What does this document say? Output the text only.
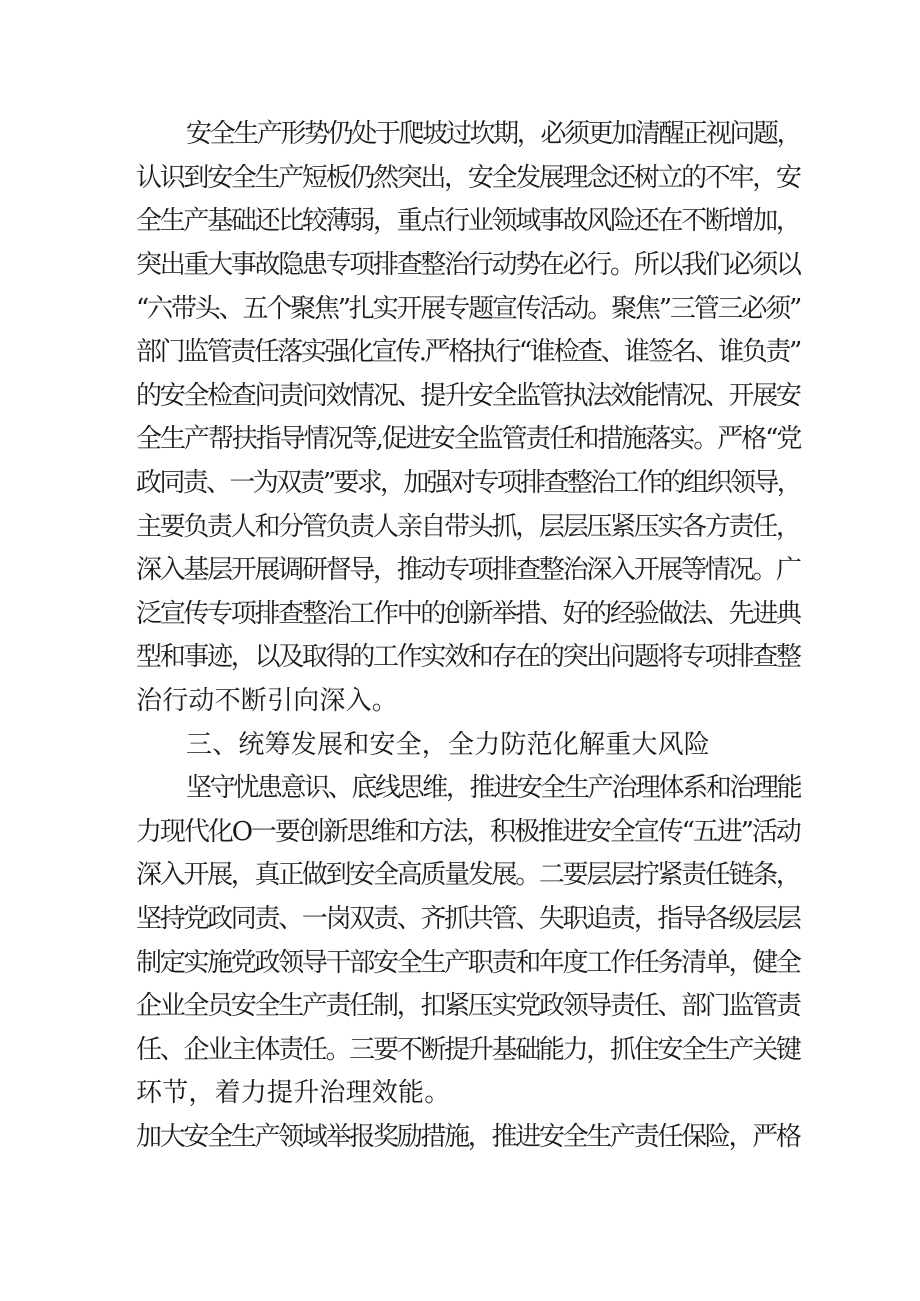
安全生产形势仍处于爬坡过坎期，必须更加清醒正视问题，
认识到安全生产短板仍然突出，安全发展理念还树立的不牢，安
全生产基础还比较薄弱，重点行业领域事故风险还在不断增加，
突出重大事故隐患专项排查整治行动势在必行。所以我们必须以
“六带头、五个聚焦”扎实开展专题宣传活动。聚焦”三管三必须”
部门监管责任落实强化宣传.严格执行“谁检查、谁签名、谁负责”
的安全检查问责问效情况、提升安全监管执法效能情况、开展安
全生产帮扶指导情况等,促进安全监管责任和措施落实。严格“党
政同责、一为双责”要求，加强对专项排查整治工作的组织领导，
主要负责人和分管负责人亲自带头抓，层层压紧压实各方责任，
深入基层开展调研督导，推动专项排查整治深入开展等情况。广
泛宣传专项排查整治工作中的创新举措、好的经验做法、先进典
型和事迹，以及取得的工作实效和存在的突出问题将专项排查整
治行动不断引向深入。
三、统筹发展和安全，全力防范化解重大风险
坚守忧患意识、底线思维，推进安全生产治理体系和治理能
力现代化O一要创新思维和方法，积极推进安全宣传“五进”活动
深入开展，真正做到安全高质量发展。二要层层拧紧责任链条，
坚持党政同责、一岗双责、齐抓共管、失职追责，指导各级层层
制定实施党政领导干部安全生产职责和年度工作任务清单，健全
企业全员安全生产责任制，扣紧压实党政领导责任、部门监管责
任、企业主体责任。三要不断提升基础能力，抓住安全生产关键
环节，着力提升治理效能。
加大安全生产领域举报奖励措施，推进安全生产责任保险，严格
